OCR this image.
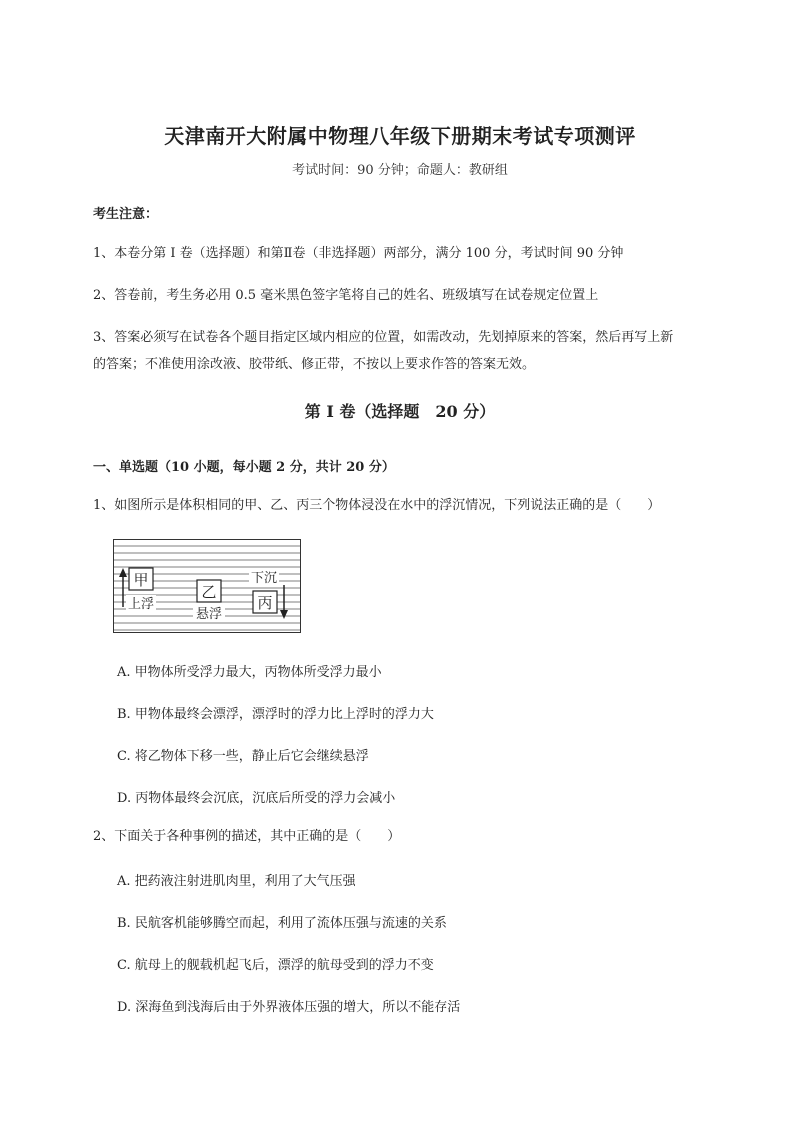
天津南开大附属中物理八年级下册期末考试专项测评
考试时间：90 分钟；命题人：教研组
考生注意：
1、本卷分第 I 卷（选择题）和第Ⅱ卷（非选择题）两部分，满分 100 分，考试时间 90 分钟
2、答卷前，考生务必用 0.5 毫米黑色签字笔将自己的姓名、班级填写在试卷规定位置上
3、答案必须写在试卷各个题目指定区域内相应的位置，如需改动，先划掉原来的答案，然后再写上新
的答案；不准使用涂改液、胶带纸、修正带，不按以上要求作答的答案无效。
第 I 卷（选择题　20 分）
一、单选题（10 小题，每小题 2 分，共计 20 分）
1、如图所示是体积相同的甲、乙、丙三个物体浸没在水中的浮沉情况，下列说法正确的是（　　）
甲
上浮
乙
悬浮
下沉
丙
A. 甲物体所受浮力最大，丙物体所受浮力最小
B. 甲物体最终会漂浮，漂浮时的浮力比上浮时的浮力大
C. 将乙物体下移一些，静止后它会继续悬浮
D. 丙物体最终会沉底，沉底后所受的浮力会减小
2、下面关于各种事例的描述，其中正确的是（　　）
A. 把药液注射进肌肉里，利用了大气压强
B. 民航客机能够腾空而起，利用了流体压强与流速的关系
C. 航母上的舰载机起飞后，漂浮的航母受到的浮力不变
D. 深海鱼到浅海后由于外界液体压强的增大，所以不能存活
